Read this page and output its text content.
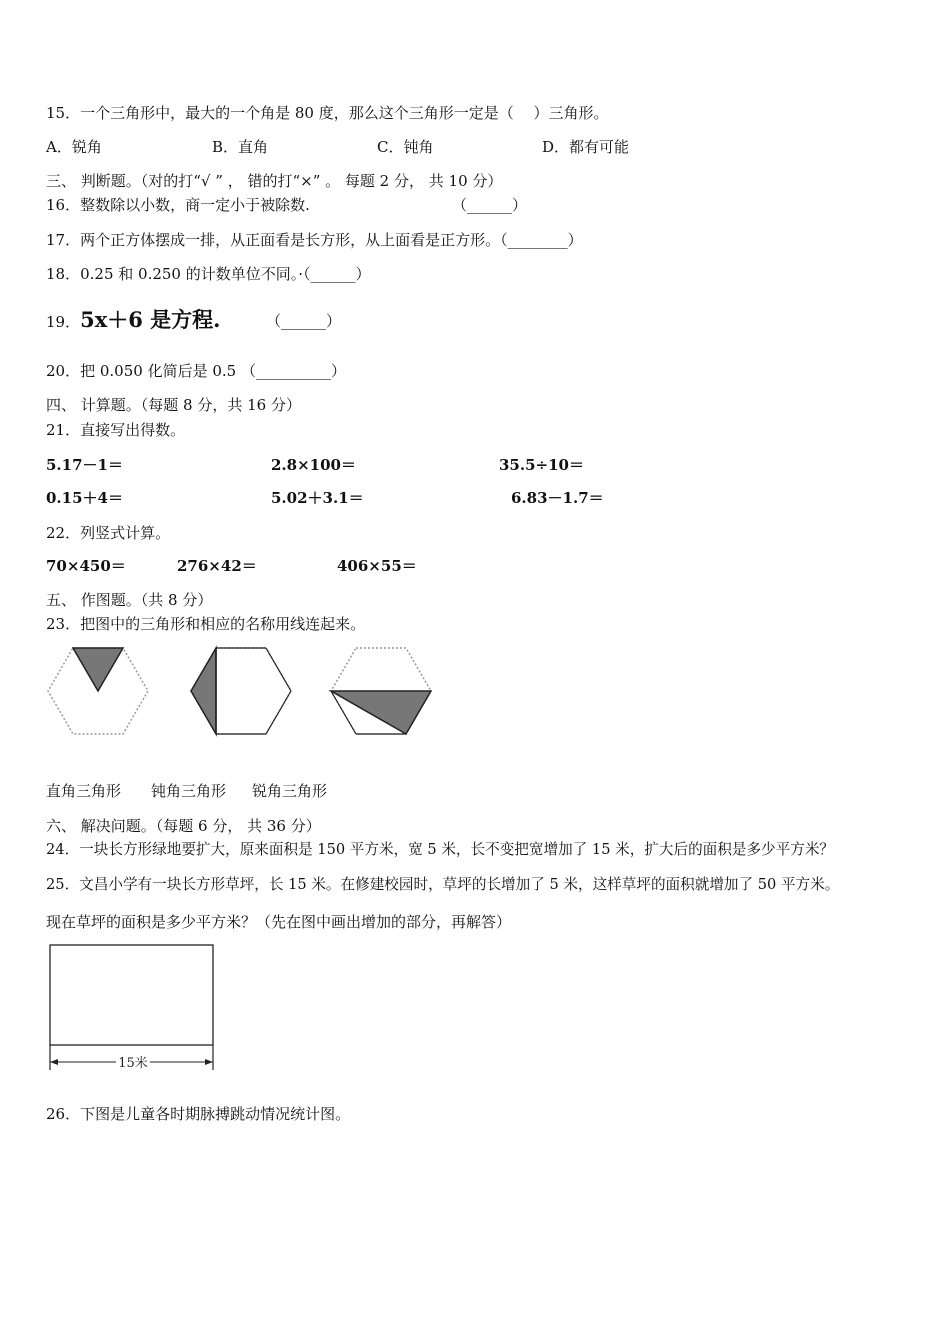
15．一个三角形中，最大的一个角是 80 度，那么这个三角形一定是（　 ）三角形。
A．锐角	B．直角	C．钝角	D．都有可能
三、 判断题。（对的打“√ ” ， 错的打“×” 。 每题 2 分， 共 10 分）
16．整数除以小数，商一定小于被除数.	（______）
17．两个正方体摆成一排，从正面看是长方形，从上面看是正方形。（________）
18．0.25 和 0.250 的计数单位不同。·（______）
19．5x＋6 是方程.	（______）
20．把 0.050 化简后是 0.5 （__________）
四、 计算题。（每题 8 分，共 16 分）
21．直接写出得数。
5.17－1＝	2.8×100＝	35.5÷10＝
0.15＋4＝	5.02＋3.1＝	6.83－1.7＝
22．列竖式计算。
70×450＝	276×42＝	406×55＝
五、 作图题。（共 8 分）
23．把图中的三角形和相应的名称用线连起来。
直角三角形 钝角三角形 锐角三角形
六、 解决问题。（每题 6 分， 共 36 分）
24．一块长方形绿地要扩大，原来面积是 150 平方米，宽 5 米，长不变把宽增加了 15 米，扩大后的面积是多少平方米？
25．文昌小学有一块长方形草坪，长 15 米。在修建校园时，草坪的长增加了 5 米，这样草坪的面积就增加了 50 平方米。
现在草坪的面积是多少平方米？（先在图中画出增加的部分，再解答）
15米
26．下图是儿童各时期脉搏跳动情况统计图。
